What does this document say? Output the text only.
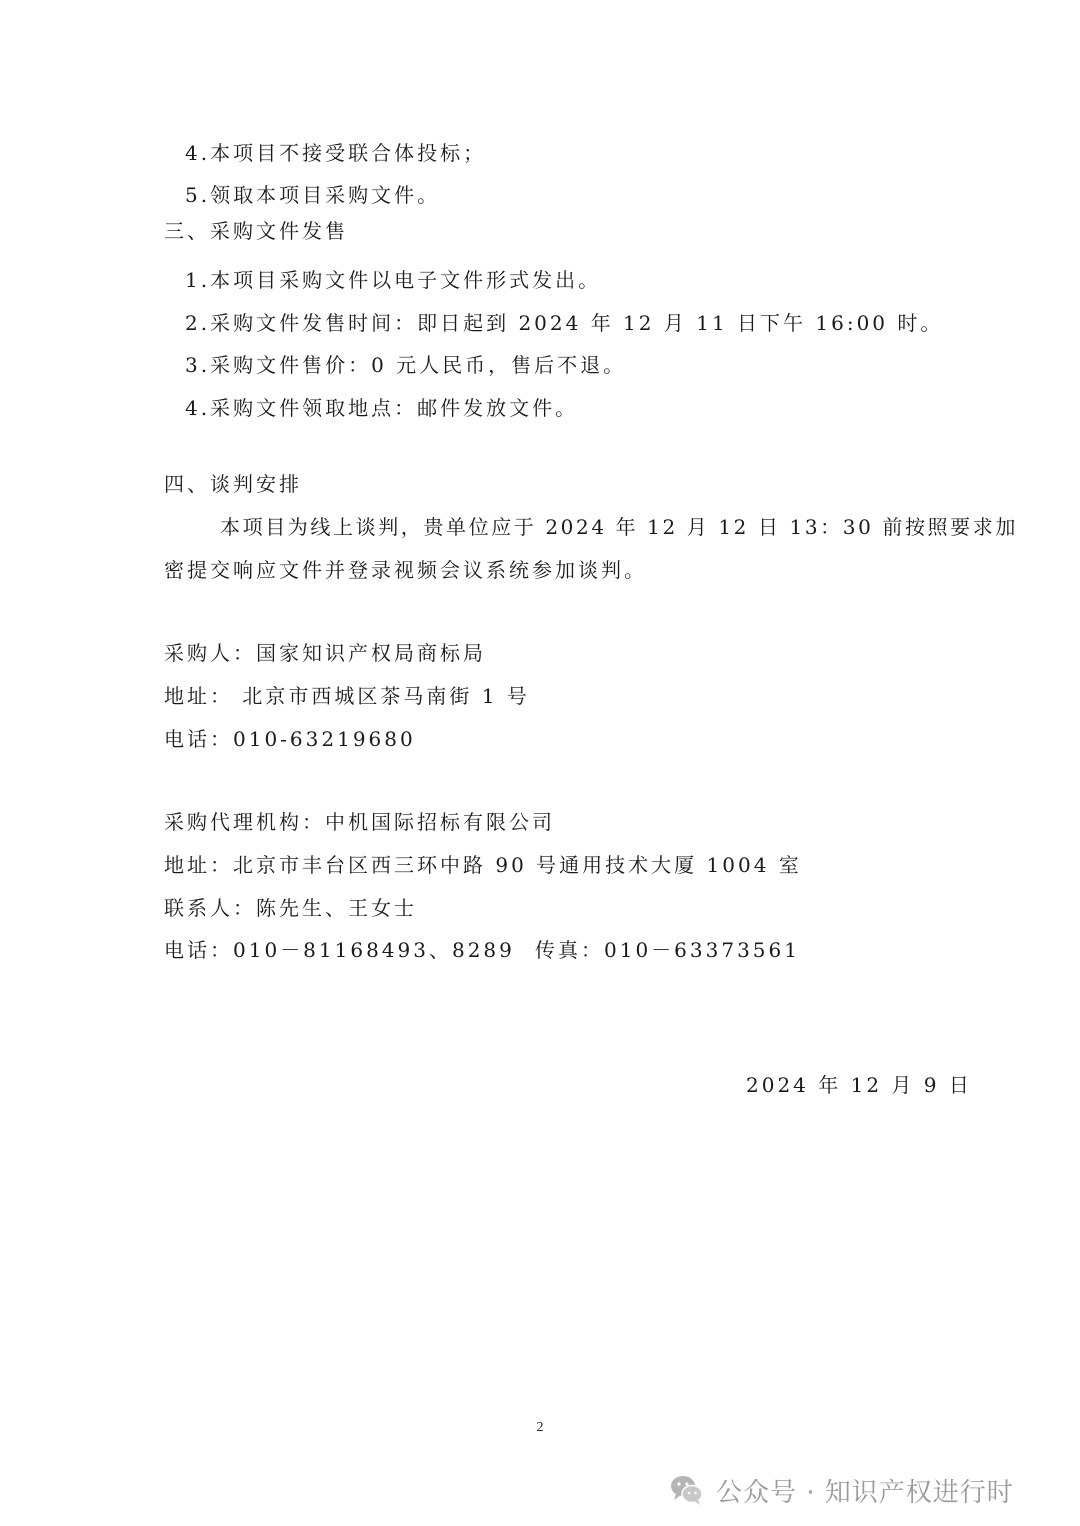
4.本项目不接受联合体投标；
5.领取本项目采购文件。
三、采购文件发售
1.本项目采购文件以电子文件形式发出。
2.采购文件发售时间：即日起到 2024 年 12 月 11 日下午 16:00 时。
3.采购文件售价：0 元人民币，售后不退。
4.采购文件领取地点：邮件发放文件。
四、谈判安排
本项目为线上谈判，贵单位应于 2024 年 12 月 12 日 13：30 前按照要求加
密提交响应文件并登录视频会议系统参加谈判。
采购人：国家知识产权局商标局
地址： 北京市西城区茶马南街 1 号
电话：010-63219680
采购代理机构：中机国际招标有限公司
地址：北京市丰台区西三环中路 90 号通用技术大厦 1004 室
联系人：陈先生、王女士
电话：010－81168493、8289 传真：010－63373561
2024 年 12 月 9 日
2
公众号 · 知识产权进行时
